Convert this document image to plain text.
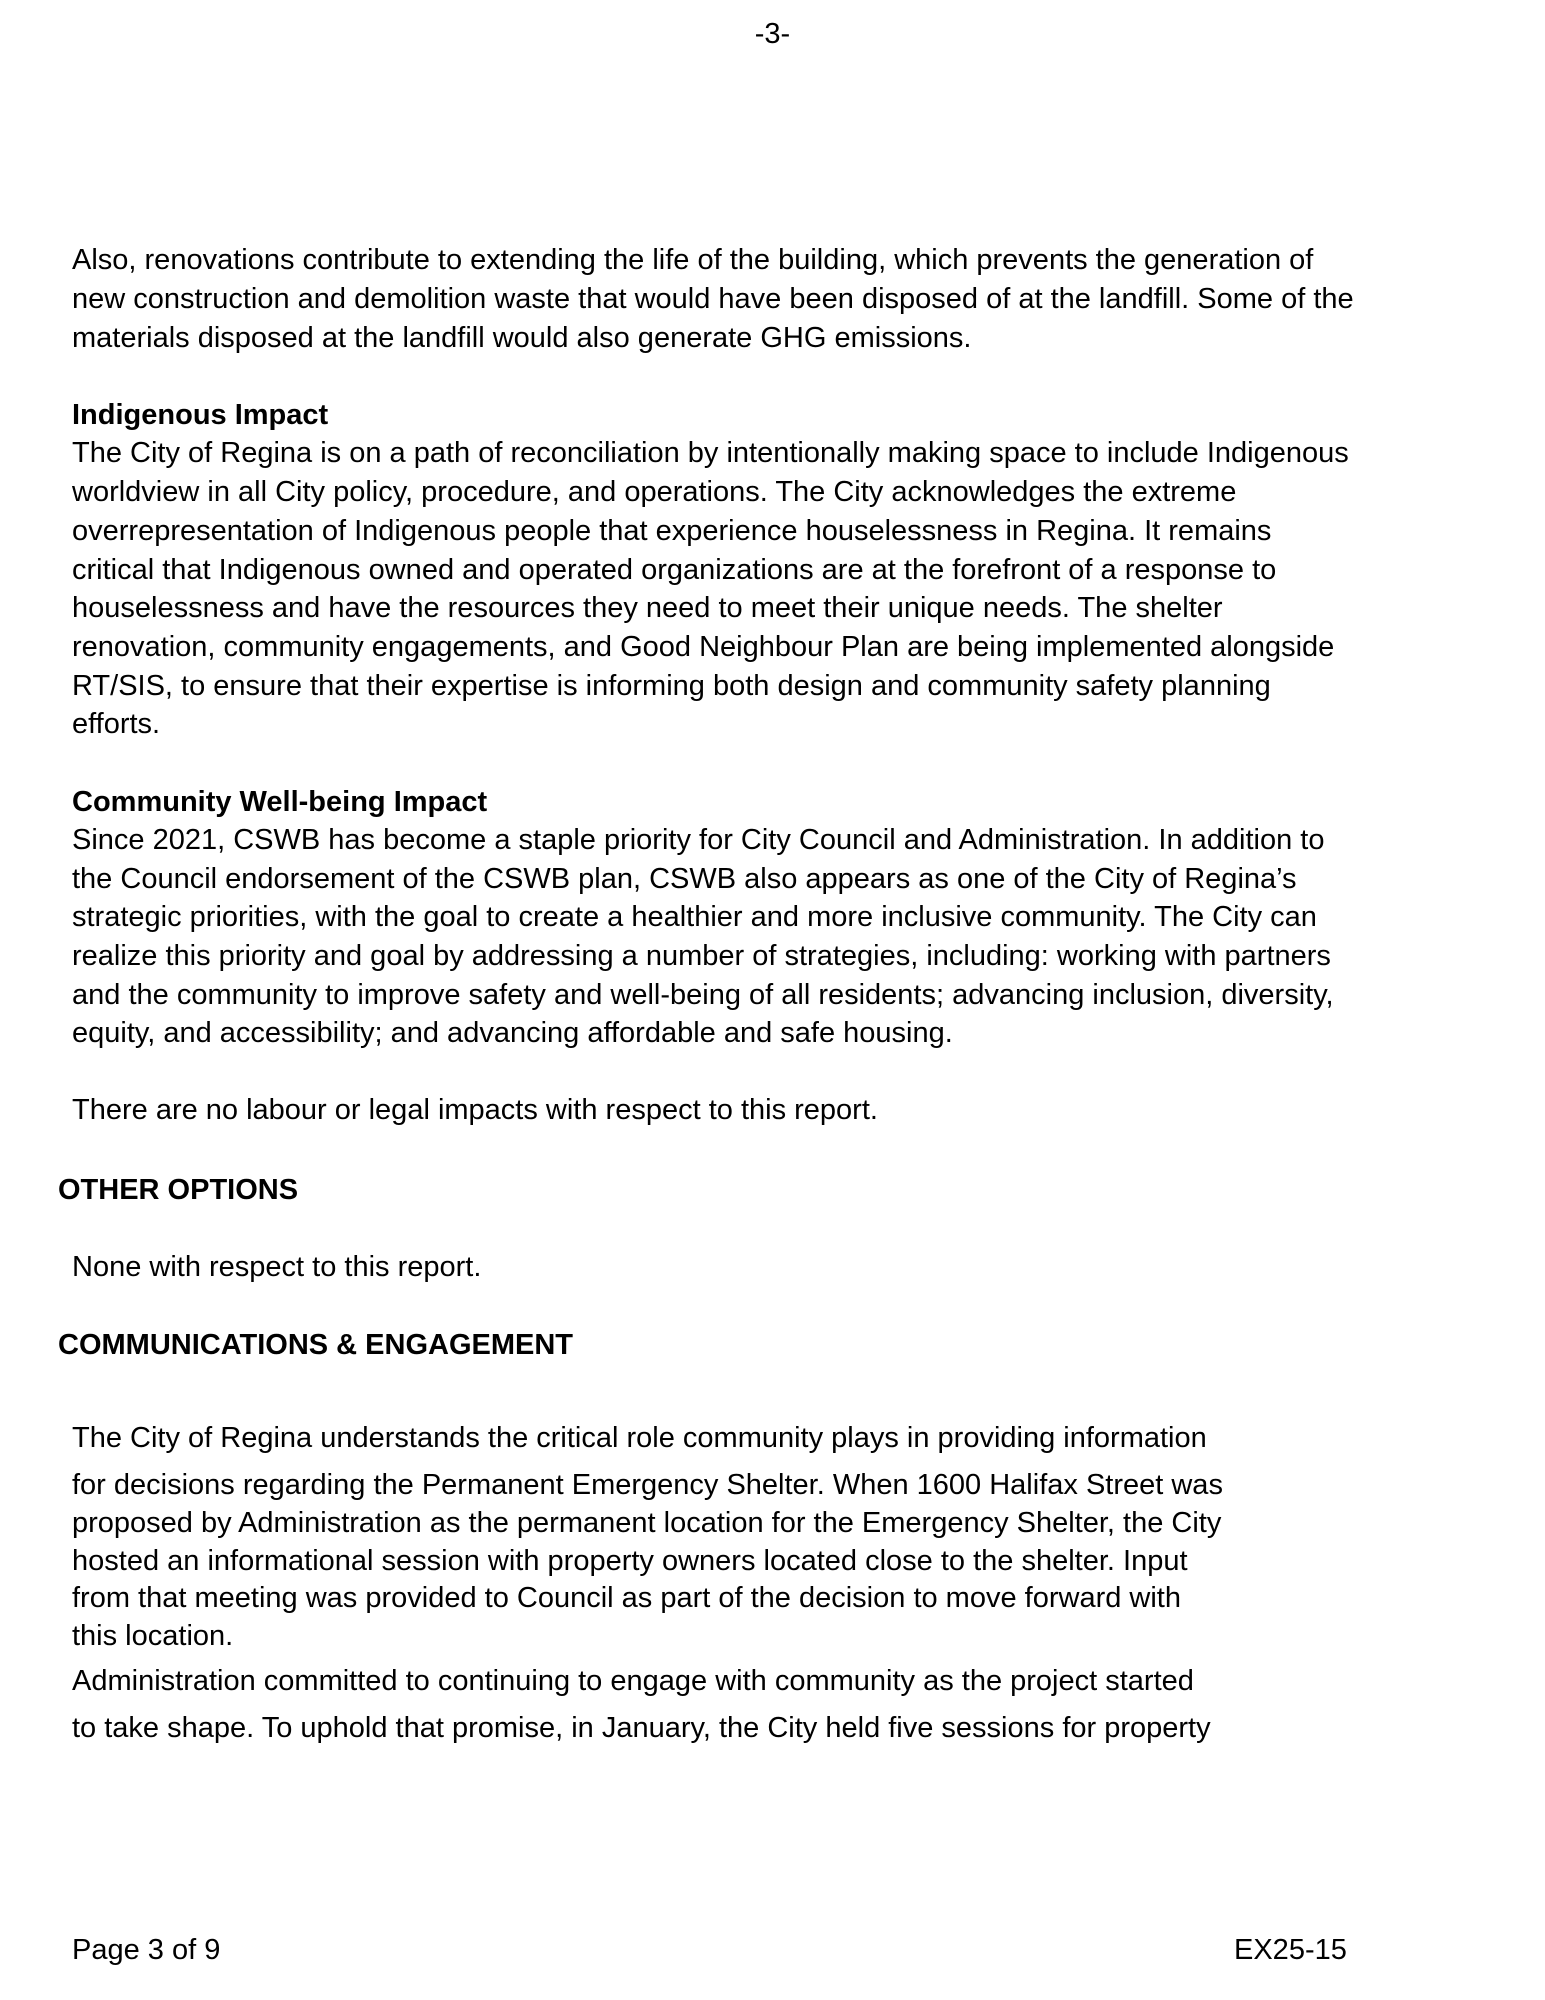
-3-
Also, renovations contribute to extending the life of the building, which prevents the generation of
new construction and demolition waste that would have been disposed of at the landfill. Some of the
materials disposed at the landfill would also generate GHG emissions.
Indigenous Impact
The City of Regina is on a path of reconciliation by intentionally making space to include Indigenous
worldview in all City policy, procedure, and operations. The City acknowledges the extreme
overrepresentation of Indigenous people that experience houselessness in Regina. It remains
critical that Indigenous owned and operated organizations are at the forefront of a response to
houselessness and have the resources they need to meet their unique needs. The shelter
renovation, community engagements, and Good Neighbour Plan are being implemented alongside
RT/SIS, to ensure that their expertise is informing both design and community safety planning
efforts.
Community Well-being Impact
Since 2021, CSWB has become a staple priority for City Council and Administration. In addition to
the Council endorsement of the CSWB plan, CSWB also appears as one of the City of Regina’s
strategic priorities, with the goal to create a healthier and more inclusive community. The City can
realize this priority and goal by addressing a number of strategies, including: working with partners
and the community to improve safety and well-being of all residents; advancing inclusion, diversity,
equity, and accessibility; and advancing affordable and safe housing.
There are no labour or legal impacts with respect to this report.
OTHER OPTIONS
None with respect to this report.
COMMUNICATIONS & ENGAGEMENT
The City of Regina understands the critical role community plays in providing information
for decisions regarding the Permanent Emergency Shelter. When 1600 Halifax Street was
proposed by Administration as the permanent location for the Emergency Shelter, the City
hosted an informational session with property owners located close to the shelter. Input
from that meeting was provided to Council as part of the decision to move forward with
this location.
Administration committed to continuing to engage with community as the project started
to take shape. To uphold that promise, in January, the City held five sessions for property
Page 3 of 9	EX25-15
